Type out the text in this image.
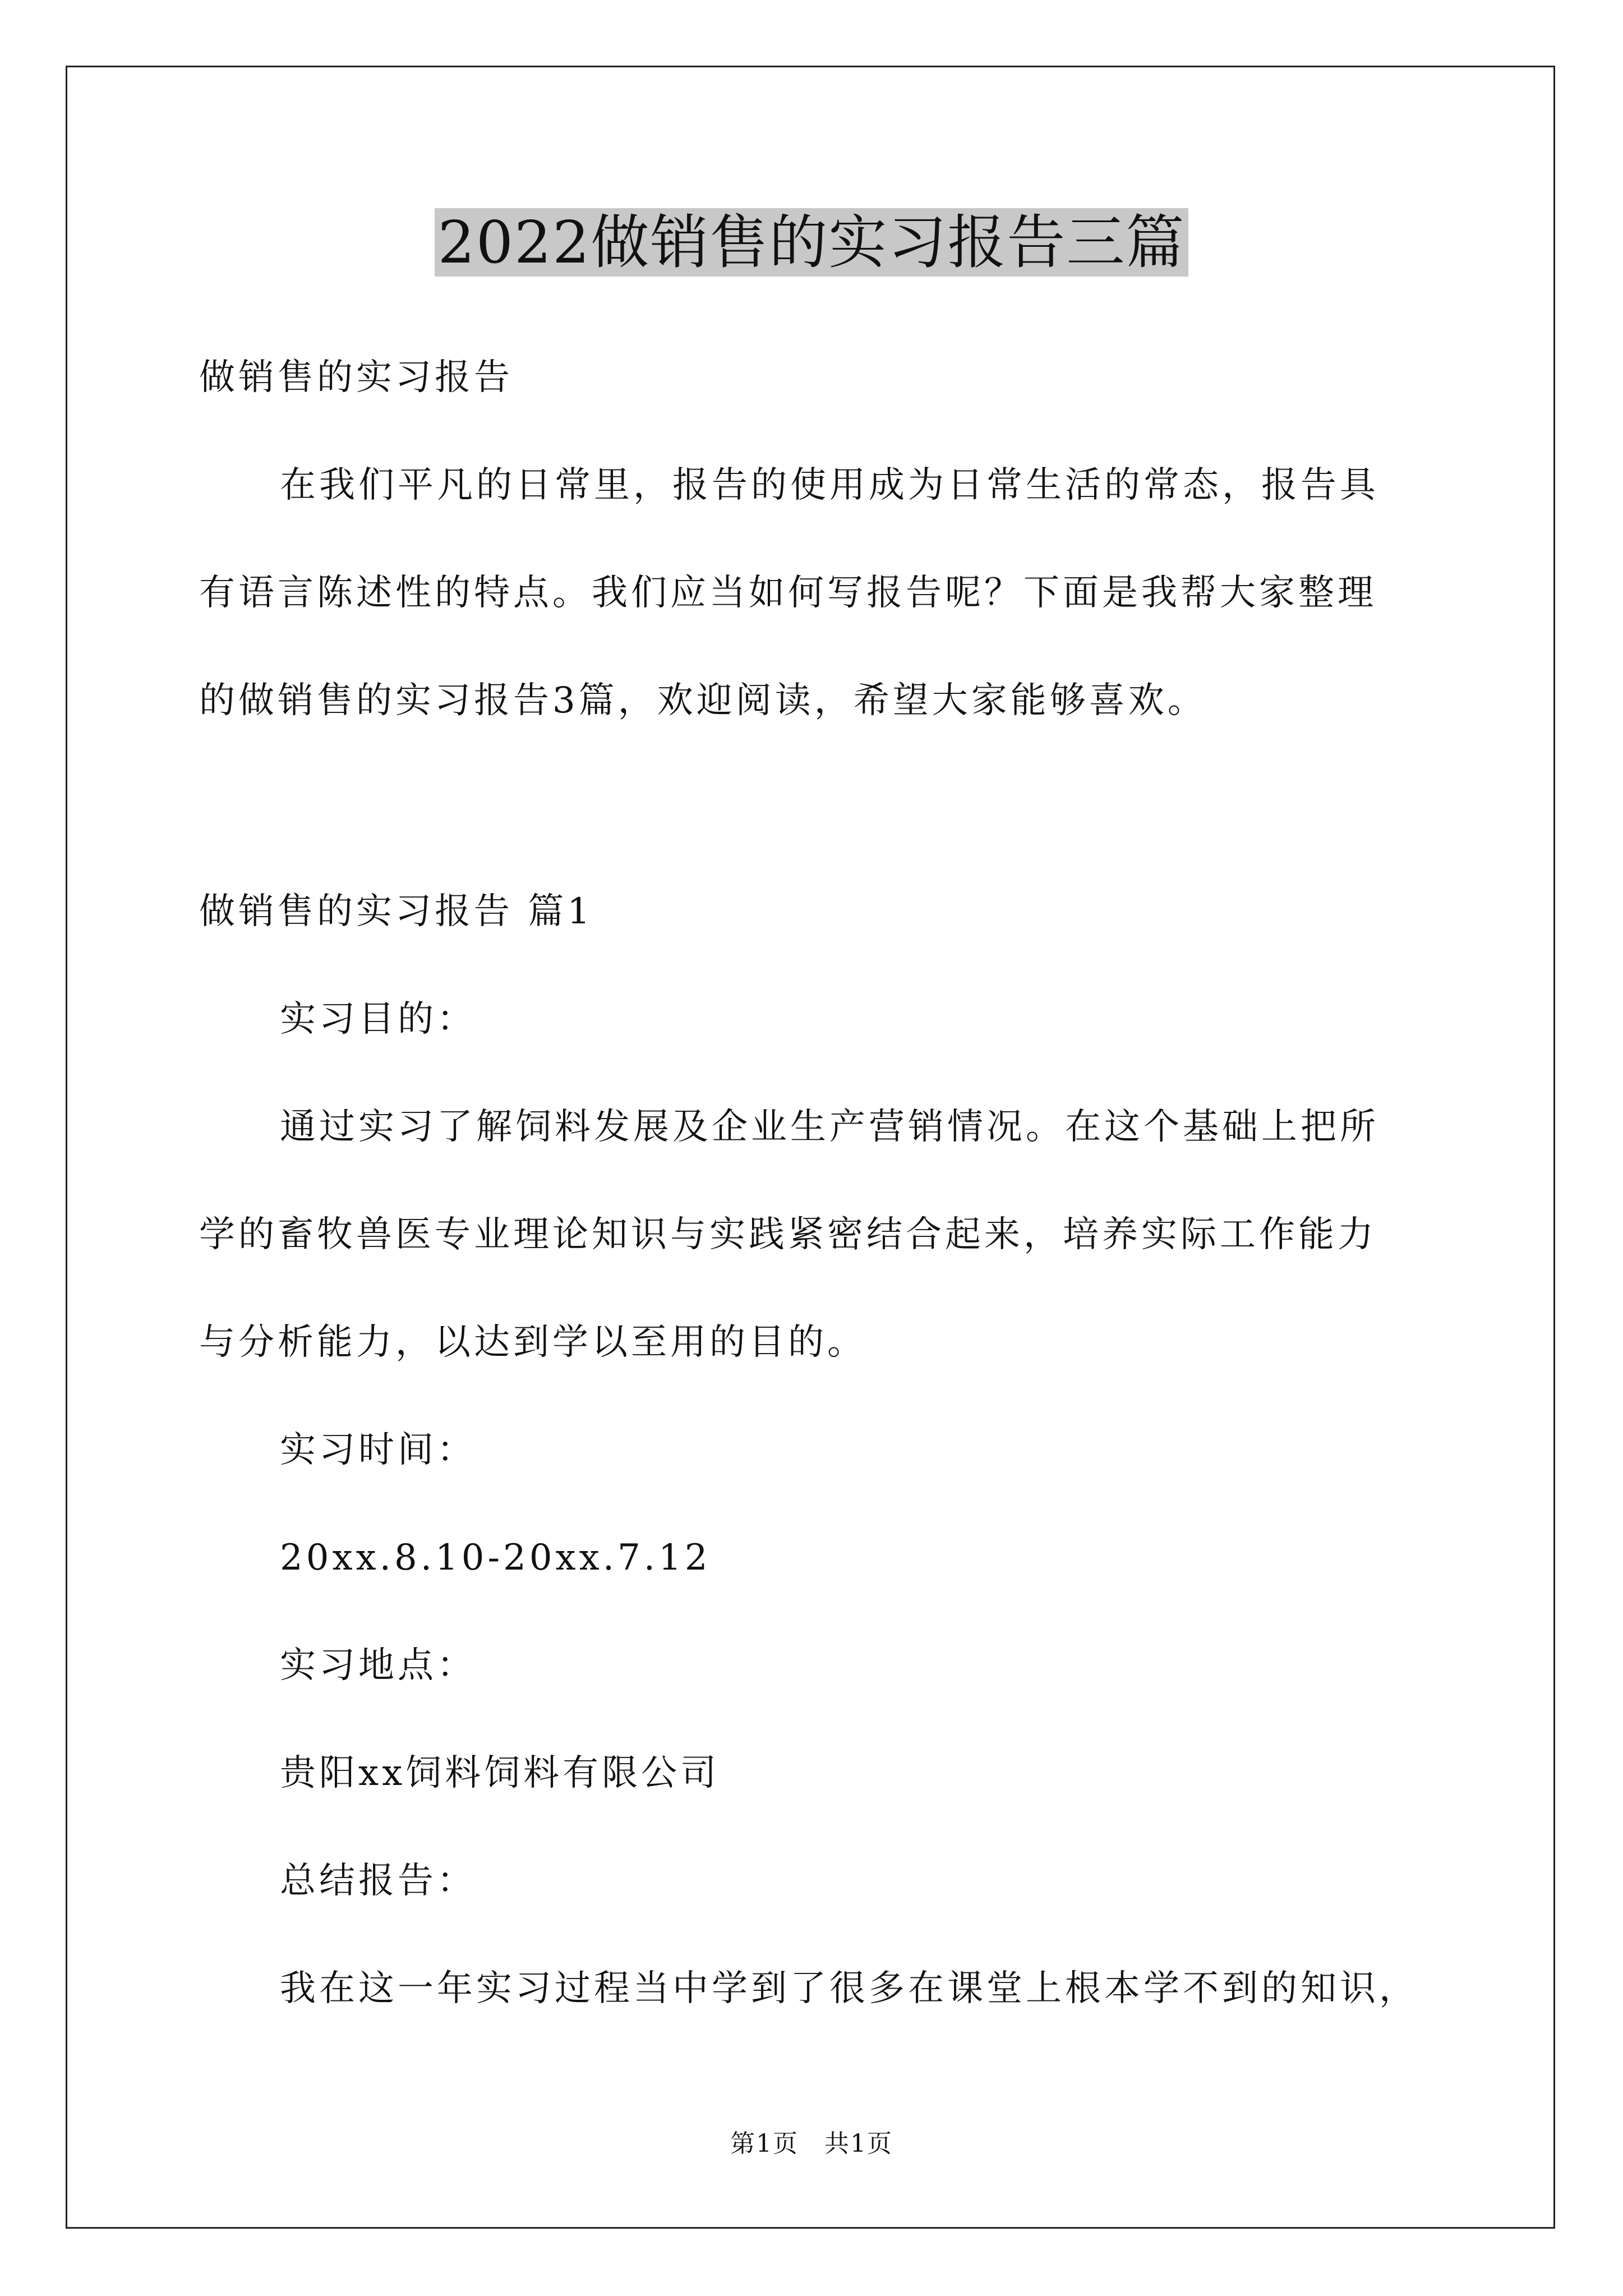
2022做销售的实习报告三篇
做销售的实习报告
在我们平凡的日常里，报告的使用成为日常生活的常态，报告具
有语言陈述性的特点。我们应当如何写报告呢？下面是我帮大家整理
的做销售的实习报告3篇，欢迎阅读，希望大家能够喜欢。
做销售的实习报告 篇1
实习目的：
通过实习了解饲料发展及企业生产营销情况。在这个基础上把所
学的畜牧兽医专业理论知识与实践紧密结合起来，培养实际工作能力
与分析能力，以达到学以至用的目的。
实习时间：
20xx.8.10-20xx.7.12
实习地点：
贵阳xx饲料饲料有限公司
总结报告：
我在这一年实习过程当中学到了很多在课堂上根本学不到的知识，
第1页　共1页
